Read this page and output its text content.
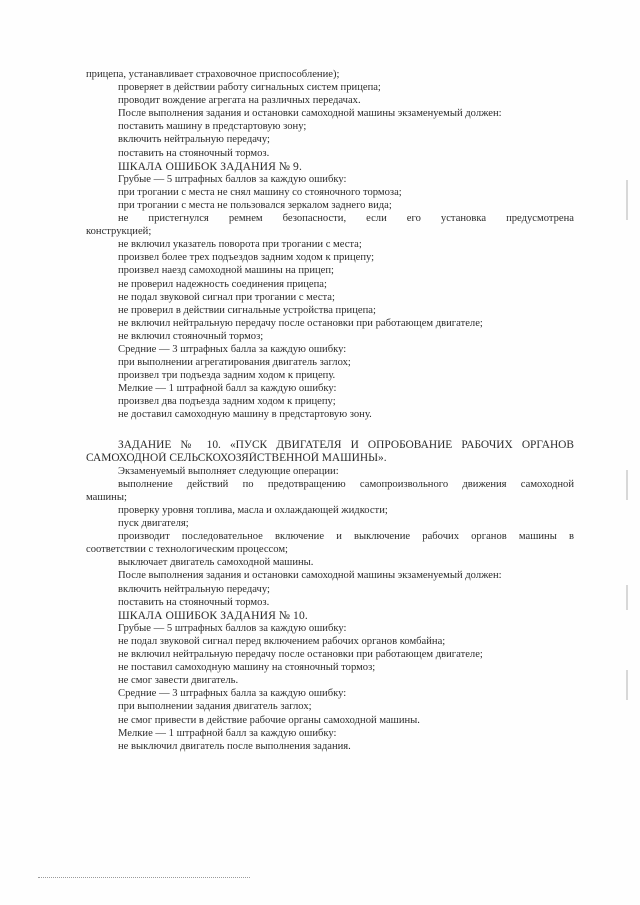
прицепа, устанавливает страховочное приспособление);
проверяет в действии работу сигнальных систем прицепа;
проводит вождение агрегата на различных передачах.
После выполнения задания и остановки самоходной машины экзаменуемый должен:
поставить машину в предстартовую зону;
включить нейтральную передачу;
поставить на стояночный тормоз.
ШКАЛА ОШИБОК ЗАДАНИЯ № 9.
Грубые — 5 штрафных баллов за каждую ошибку:
при трогании с места не снял машину со стояночного тормоза;
при трогании с места не пользовался зеркалом заднего вида;
не пристегнулся ремнем безопасности, если его установка предусмотрена
конструкцией;
не включил указатель поворота при трогании с места;
произвел более трех подъездов задним ходом к прицепу;
произвел наезд самоходной машины на прицеп;
не проверил надежность соединения прицепа;
не подал звуковой сигнал при трогании с места;
не проверил в действии сигнальные устройства прицепа;
не включил нейтральную передачу после остановки при работающем двигателе;
не включил стояночный тормоз;
Средние — 3 штрафных балла за каждую ошибку:
при выполнении агрегатирования двигатель заглох;
произвел три подъезда задним ходом к прицепу.
Мелкие — 1 штрафной балл за каждую ошибку:
произвел два подъезда задним ходом к прицепу;
не доставил самоходную машину в предстартовую зону.
ЗАДАНИЕ № 10. «ПУСК ДВИГАТЕЛЯ И ОПРОБОВАНИЕ РАБОЧИХ ОРГАНОВ
САМОХОДНОЙ СЕЛЬСКОХОЗЯЙСТВЕННОЙ МАШИНЫ».
Экзаменуемый выполняет следующие операции:
выполнение действий по предотвращению самопроизвольного движения самоходной
машины;
проверку уровня топлива, масла и охлаждающей жидкости;
пуск двигателя;
производит последовательное включение и выключение рабочих органов машины в
соответствии с технологическим процессом;
выключает двигатель самоходной машины.
После выполнения задания и остановки самоходной машины экзаменуемый должен:
включить нейтральную передачу;
поставить на стояночный тормоз.
ШКАЛА ОШИБОК ЗАДАНИЯ № 10.
Грубые — 5 штрафных баллов за каждую ошибку:
не подал звуковой сигнал перед включением рабочих органов комбайна;
не включил нейтральную передачу после остановки при работающем двигателе;
не поставил самоходную машину на стояночный тормоз;
не смог завести двигатель.
Средние — 3 штрафных балла за каждую ошибку:
при выполнении задания двигатель заглох;
не смог привести в действие рабочие органы самоходной машины.
Мелкие — 1 штрафной балл за каждую ошибку:
не выключил двигатель после выполнения задания.
